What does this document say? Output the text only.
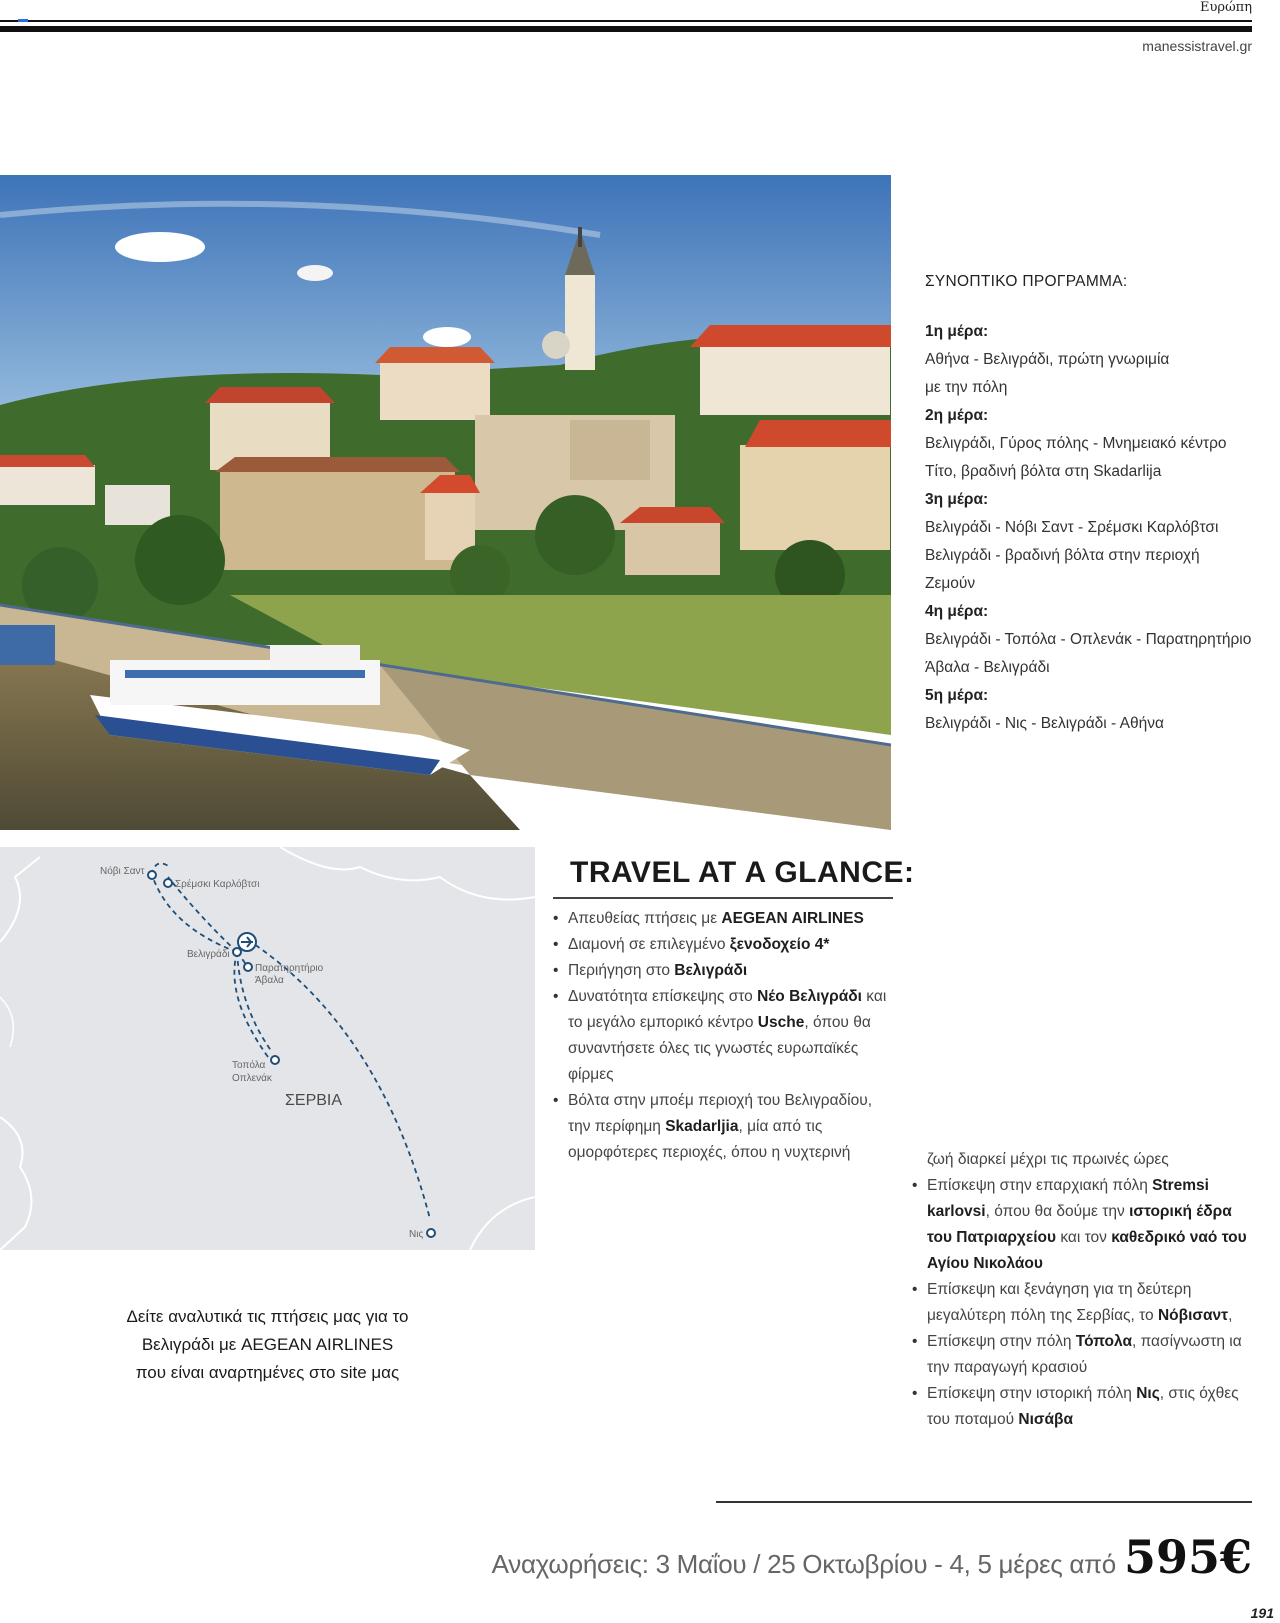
Ευρώπη
manessistravel.gr
ΣΥΝΟΠΤΙΚΟ ΠΡΟΓΡΑΜΜΑ:
1η μέρα:
Αθήνα - Βελιγράδι, πρώτη γνωριμία
με την πόλη
2η μέρα:
Βελιγράδι, Γύρος πόλης - Μνημειακό κέντρο
Τίτο, βραδινή βόλτα στη Skadarlija
3η μέρα:
Βελιγράδι - Νόβι Σαντ - Σρέμσκι Καρλόβτσι
Βελιγράδι - βραδινή βόλτα στην περιοχή
Ζεμούν
4η μέρα:
Βελιγράδι - Τοπόλα - Οπλενάκ - Παρατηρητήριο
Άβαλα - Βελιγράδι
5η μέρα:
Βελιγράδι - Νις - Βελιγράδι - Αθήνα
Νόβι Σαντ
Σρέμσκι Καρλόβτσι
Βελιγράδι
Παρατηρητήριο
Άβαλα
Τοπόλα
Οπλενάκ
Νις
ΣΕΡΒΙΑ
TRAVEL AT A GLANCE:
• Απευθείας πτήσεις με AEGEAN AIRLINES
• Διαμονή σε επιλεγμένο ξενοδοχείο 4*
• Περιήγηση στο Βελιγράδι
• Δυνατότητα επίσκεψης στο Νέο Βελιγράδι και το μεγάλο εμπορικό κέντρο Usche, όπου θα συναντήσετε όλες τις γνωστές ευρωπαϊκές φίρμες
• Βόλτα στην μποέμ περιοχή του Βελιγραδίου, την περίφημη Skadarljia, μία από τις ομορφότερες περιοχές, όπου η νυχτερινή	ζωή διαρκεί μέχρι τις πρωινές ώρες
• Επίσκεψη στην επαρχιακή πόλη Stremsi karlovsi, όπου θα δούμε την ιστορική έδρα του Πατριαρχείου και τον καθεδρικό ναό του Αγίου Νικολάου
• Επίσκεψη και ξενάγηση για τη δεύτερη μεγαλύτερη πόλη της Σερβίας, το Νόβισαντ,
• Επίσκεψη στην πόλη Τόπολα, πασίγνωστη ια την παραγωγή κρασιού
• Επίσκεψη στην ιστορική πόλη Νις, στις όχθες του ποταμού Νισάβα
Δείτε αναλυτικά τις πτήσεις μας για το
Βελιγράδι με AEGEAN AIRLINES
που είναι αναρτημένες στο site μας
Αναχωρήσεις: 3 Μαΐου / 25 Οκτωβρίου - 4, 5 μέρες από 595€
191
